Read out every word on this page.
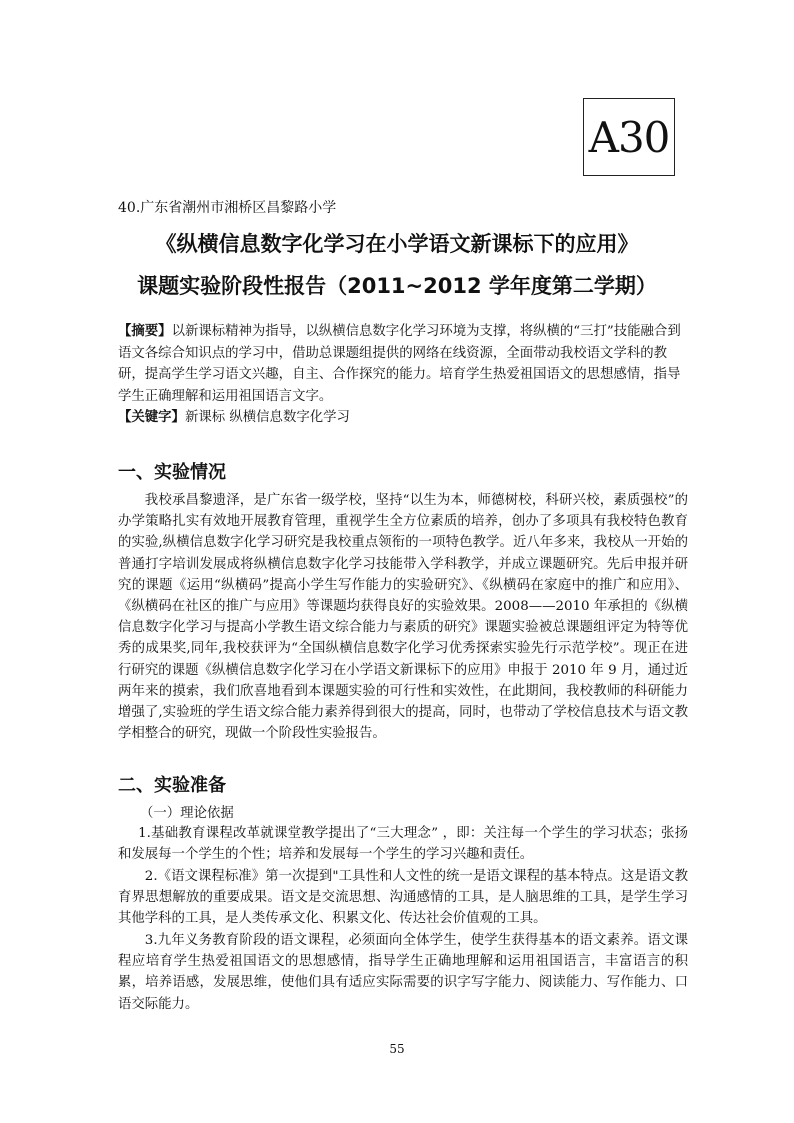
A30
40.广东省潮州市湘桥区昌黎路小学
《纵横信息数字化学习在小学语文新课标下的应用》
课题实验阶段性报告（2011~2012 学年度第二学期）
【摘要】以新课标精神为指导，以纵横信息数字化学习环境为支撑，将纵横的“三打”技能融合到语文各综合知识点的学习中，借助总课题组提供的网络在线资源，全面带动我校语文学科的教研，提高学生学习语文兴趣，自主、合作探究的能力。培育学生热爱祖国语文的思想感情，指导学生正确理解和运用祖国语言文字。
【关键字】新课标 纵横信息数字化学习
一、实验情况
我校承昌黎遗泽，是广东省一级学校，坚持“以生为本，师德树校，科研兴校，素质强校”的办学策略扎实有效地开展教育管理，重视学生全方位素质的培养，创办了多项具有我校特色教育的实验,纵横信息数字化学习研究是我校重点领衔的一项特色教学。近八年多来，我校从一开始的普通打字培训发展成将纵横信息数字化学习技能带入学科教学，并成立课题研究。先后申报并研究的课题《运用“纵横码”提高小学生写作能力的实验研究》、《纵横码在家庭中的推广和应用》、《纵横码在社区的推广与应用》等课题均获得良好的实验效果。2008——2010 年承担的《纵横信息数字化学习与提高小学教生语文综合能力与素质的研究》课题实验被总课题组评定为特等优秀的成果奖,同年,我校获评为“全国纵横信息数字化学习优秀探索实验先行示范学校”。现正在进行研究的课题《纵横信息数字化学习在小学语文新课标下的应用》申报于 2010 年 9 月，通过近两年来的摸索，我们欣喜地看到本课题实验的可行性和实效性，在此期间，我校教师的科研能力增强了,实验班的学生语文综合能力素养得到很大的提高，同时，也带动了学校信息技术与语文教学相整合的研究，现做一个阶段性实验报告。
二、实验准备
（一）理论依据
1.基础教育课程改革就课堂教学提出了“三大理念” ，即：关注每一个学生的学习状态；张扬和发展每一个学生的个性；培养和发展每一个学生的学习兴趣和责任。
2.《语文课程标准》第一次提到"工具性和人文性的统一是语文课程的基本特点。这是语文教育界思想解放的重要成果。语文是交流思想、沟通感情的工具，是人脑思维的工具，是学生学习其他学科的工具，是人类传承文化、积累文化、传达社会价值观的工具。
3.九年义务教育阶段的语文课程，必须面向全体学生，使学生获得基本的语文素养。语文课程应培育学生热爱祖国语文的思想感情，指导学生正确地理解和运用祖国语言，丰富语言的积累，培养语感，发展思维，使他们具有适应实际需要的识字写字能力、阅读能力、写作能力、口语交际能力。
55
